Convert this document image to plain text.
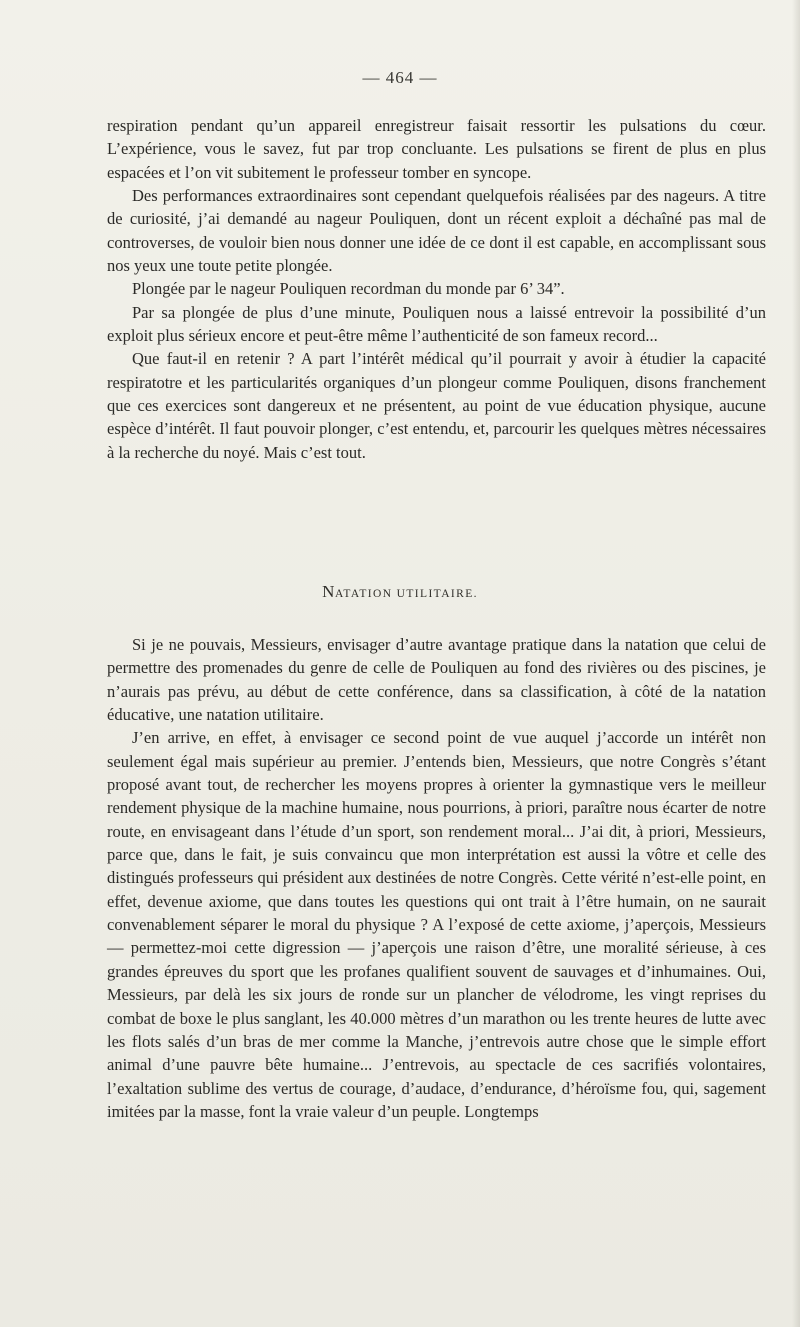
— 464 —

respiration pendant qu’un appareil enregistreur faisait ressortir les pulsations du cœur. L’expérience, vous le savez, fut par trop concluante. Les pulsations se firent de plus en plus espacées et l’on vit subitement le professeur tomber en syncope.

Des performances extraordinaires sont cependant quelquefois réalisées par des nageurs. A titre de curiosité, j’ai demandé au nageur Pouliquen, dont un récent exploit a déchaîné pas mal de controverses, de vouloir bien nous donner une idée de ce dont il est capable, en accomplissant sous nos yeux une toute petite plongée.

Plongée par le nageur Pouliquen recordman du monde par 6’ 34”.

Par sa plongée de plus d’une minute, Pouliquen nous a laissé entrevoir la possibilité d’un exploit plus sérieux encore et peut-être même l’authenticité de son fameux record...

Que faut-il en retenir ? A part l’intérêt médical qu’il pourrait y avoir à étudier la capacité respiratotre et les particularités organiques d’un plongeur comme Pouliquen, disons franchement que ces exercices sont dangereux et ne présentent, au point de vue éducation physique, aucune espèce d’intérêt. Il faut pouvoir plonger, c’est entendu, et, parcourir les quelques mètres nécessaires à la recherche du noyé. Mais c’est tout.

NATATION UTILITAIRE.

Si je ne pouvais, Messieurs, envisager d’autre avantage pratique dans la natation que celui de permettre des promenades du genre de celle de Pouliquen au fond des rivières ou des piscines, je n’aurais pas prévu, au début de cette conférence, dans sa classification, à côté de la natation éducative, une natation utilitaire.

J’en arrive, en effet, à envisager ce second point de vue auquel j’accorde un intérêt non seulement égal mais supérieur au premier. J’entends bien, Messieurs, que notre Congrès s’étant proposé avant tout, de rechercher les moyens propres à orienter la gymnastique vers le meilleur rendement physique de la machine humaine, nous pourrions, à priori, paraître nous écarter de notre route, en envisageant dans l’étude d’un sport, son rendement moral... J’ai dit, à priori, Messieurs, parce que, dans le fait, je suis convaincu que mon interprétation est aussi la vôtre et celle des distingués professeurs qui président aux destinées de notre Congrès. Cette vérité n’est-elle point, en effet, devenue axiome, que dans toutes les questions qui ont trait à l’être humain, on ne saurait convenablement séparer le moral du physique ? A l’exposé de cette axiome, j’aperçois, Messieurs — permettez-moi cette digression — j’aperçois une raison d’être, une moralité sérieuse, à ces grandes épreuves du sport que les profanes qualifient souvent de sauvages et d’inhumaines. Oui, Messieurs, par delà les six jours de ronde sur un plancher de vélodrome, les vingt reprises du combat de boxe le plus sanglant, les 40.000 mètres d’un marathon ou les trente heures de lutte avec les flots salés d’un bras de mer comme la Manche, j’entrevois autre chose que le simple effort animal d’une pauvre bête humaine... J’entrevois, au spectacle de ces sacrifiés volontaires, l’exaltation sublime des vertus de courage, d’audace, d’endurance, d’héroïsme fou, qui, sagement imitées par la masse, font la vraie valeur d’un peuple. Longtemps
